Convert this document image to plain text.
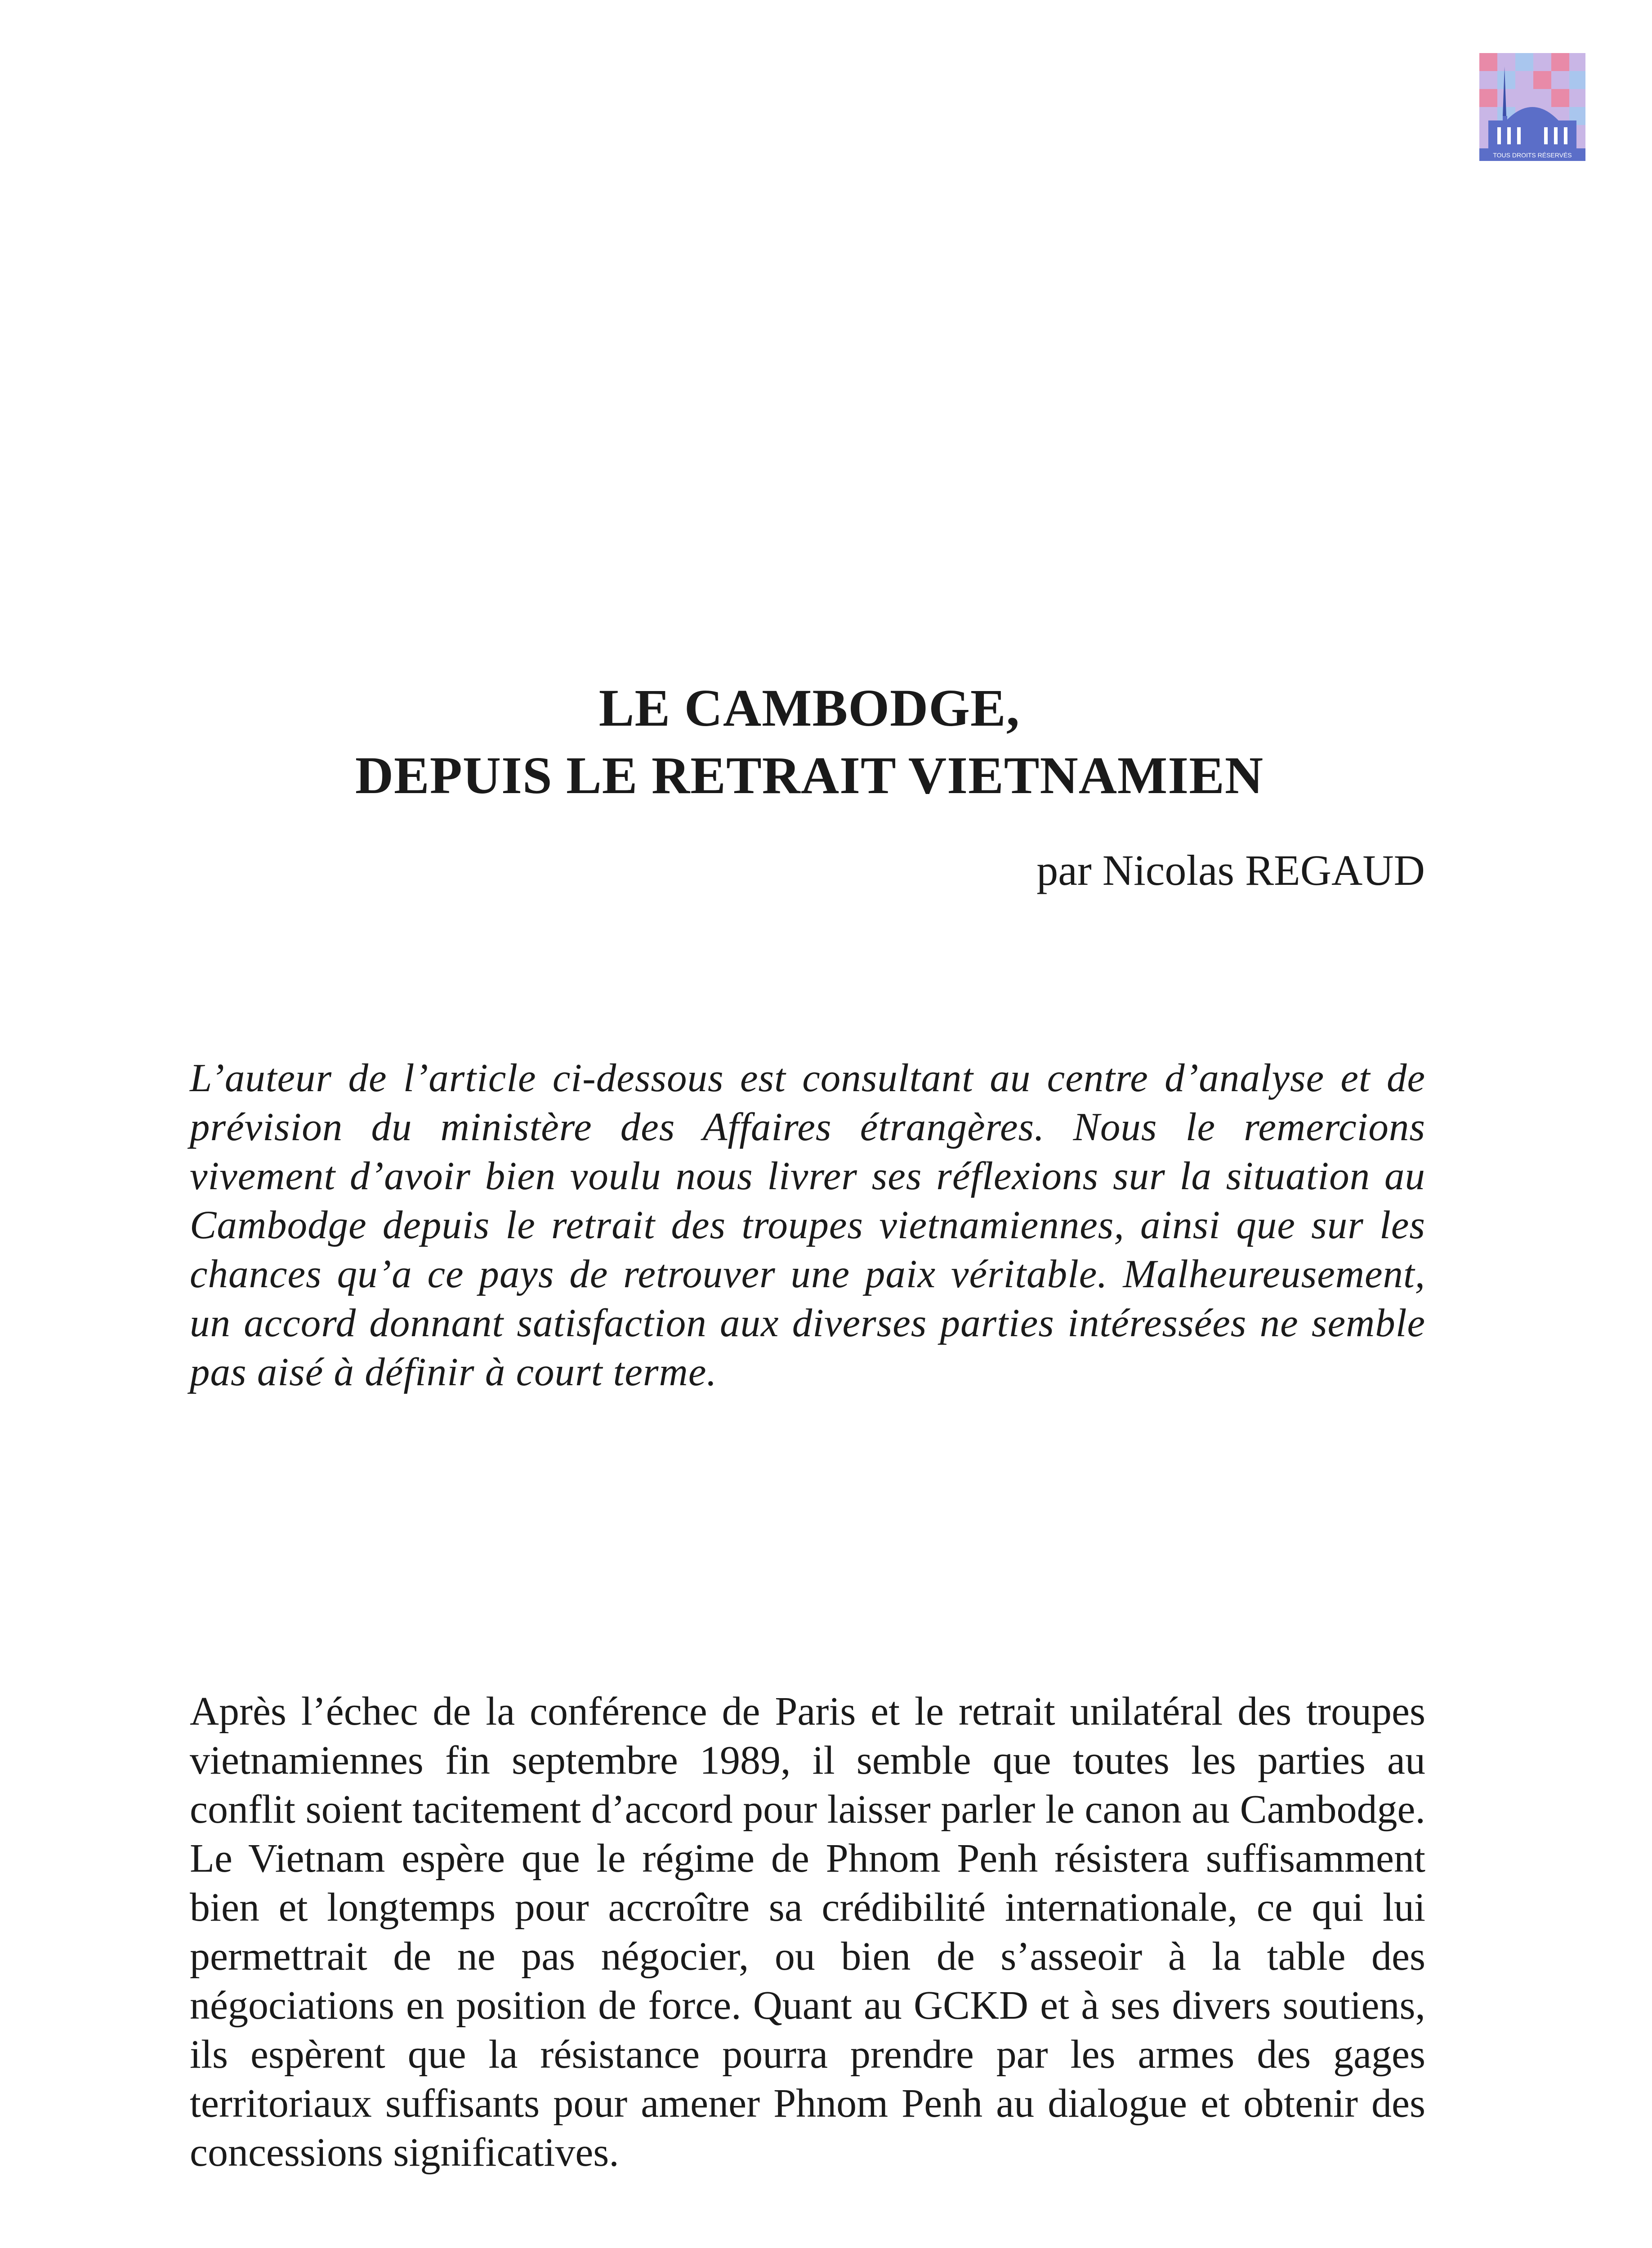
TOUS DROITS RÉSERVÉS
LE CAMBODGE,
DEPUIS LE RETRAIT VIETNAMIEN
par Nicolas REGAUD
L’auteur de l’article ci-dessous est consultant au centre d’analyse et de prévision du ministère des Affaires étrangères. Nous le remercions vivement d’avoir bien voulu nous livrer ses réflexions sur la situation au Cambodge depuis le retrait des troupes vietnamiennes, ainsi que sur les chances qu’a ce pays de retrouver une paix véritable. Malheureusement, un accord donnant satisfaction aux diverses parties intéressées ne semble pas aisé à définir à court terme.
Après l’échec de la conférence de Paris et le retrait unilatéral des troupes vietnamiennes fin septembre 1989, il semble que toutes les parties au conflit soient tacitement d’accord pour laisser parler le canon au Cambodge. Le Vietnam espère que le régime de Phnom Penh résistera suffisamment bien et longtemps pour accroître sa crédibilité internationale, ce qui lui permettrait de ne pas négocier, ou bien de s’asseoir à la table des négociations en position de force. Quant au GCKD et à ses divers soutiens, ils espèrent que la résistance pourra prendre par les armes des gages territoriaux suffisants pour amener Phnom Penh au dialogue et obtenir des concessions significatives.
